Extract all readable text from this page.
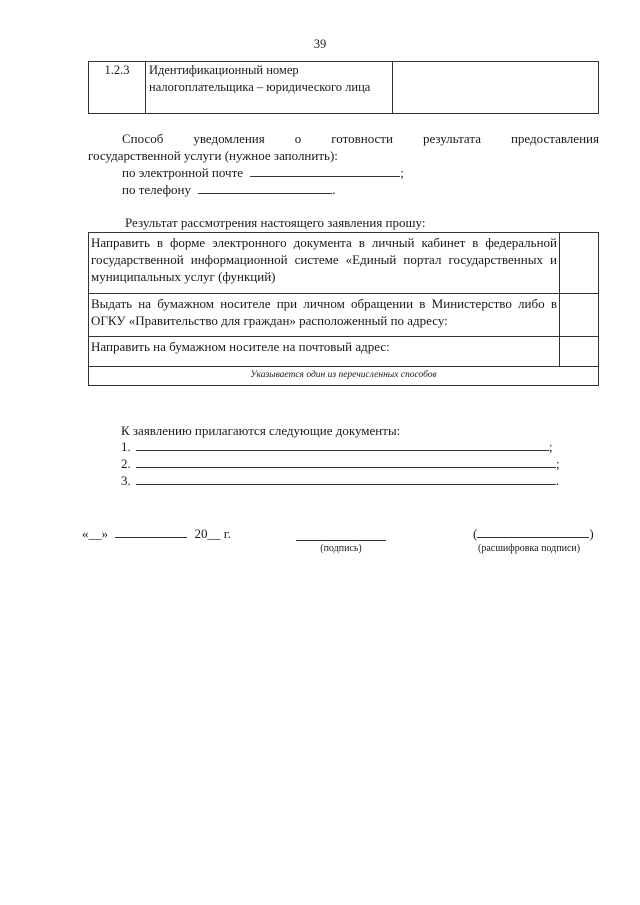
39
1.2.3	Идентификационный номер налогоплательщика – юридического лица	
Способ уведомления о готовности результата предоставления
государственной услуги (нужное заполнить):
по электронной почте	;
по телефону	.
Результат рассмотрения настоящего заявления прошу:
Направить в форме электронного документа в личный кабинет в федеральной государственной информационной системе «Единый портал государственных и муниципальных услуг (функций)	
Выдать на бумажном носителе при личном обращении в Министерство либо в ОГКУ «Правительство для граждан» расположенный по адресу:	
Направить на бумажном носителе на почтовый адрес:	
Указывается один из перечисленных способов	
К заявлению прилагаются следующие документы:
1.	;
2.	;
3.	.
«__»	20__ г.
(подпись)
(	)
(расшифровка подписи)
